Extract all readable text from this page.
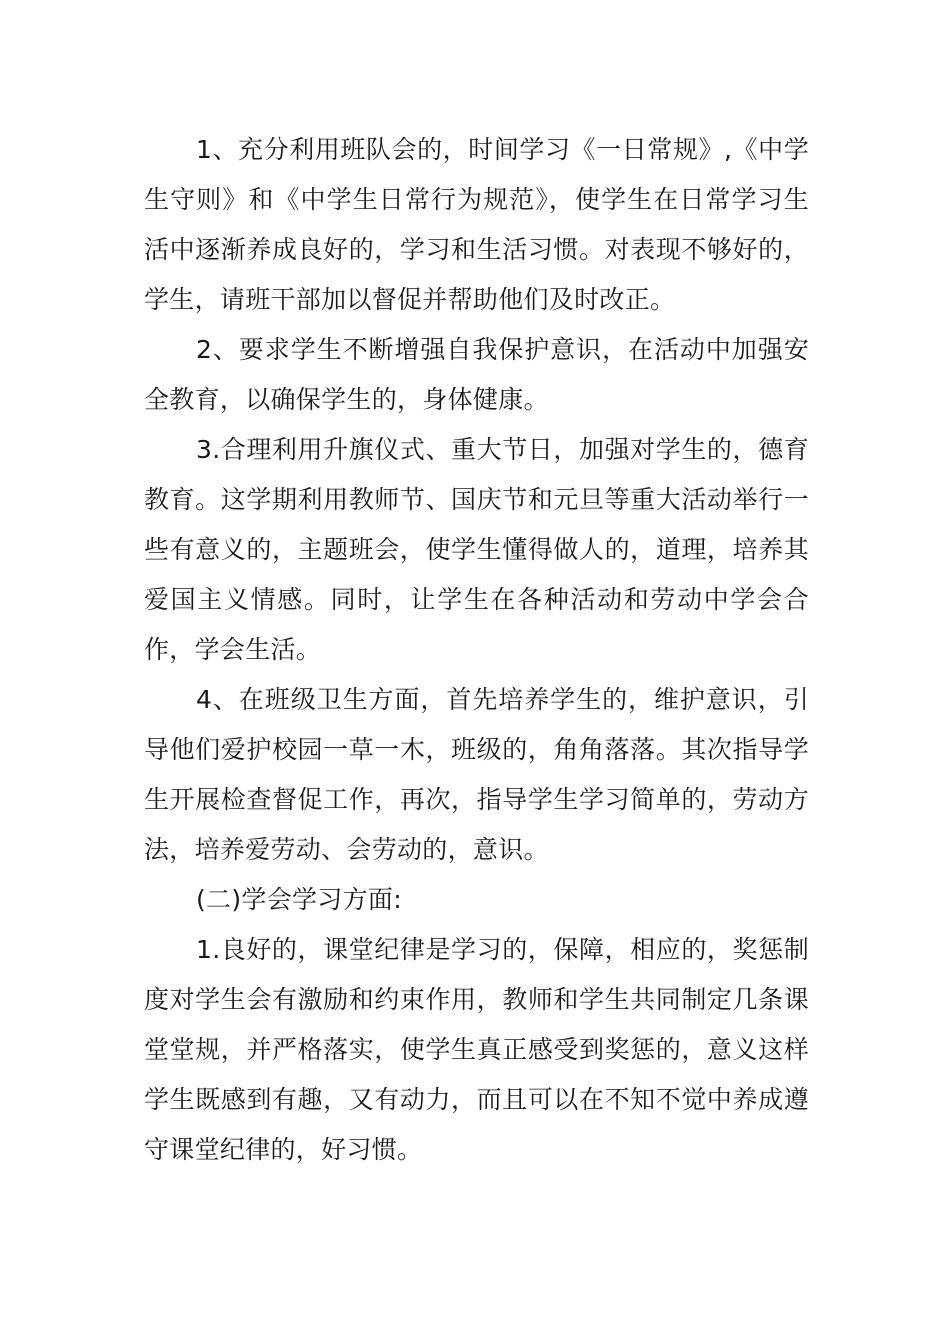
1、充分利用班队会的，时间学习《一日常规》,《中学生守则》和《中学生日常行为规范》，使学生在日常学习生活中逐渐养成良好的，学习和生活习惯。对表现不够好的，学生，请班干部加以督促并帮助他们及时改正。

2、要求学生不断增强自我保护意识，在活动中加强安全教育，以确保学生的，身体健康。

3.合理利用升旗仪式、重大节日，加强对学生的，德育教育。这学期利用教师节、国庆节和元旦等重大活动举行一些有意义的，主题班会，使学生懂得做人的，道理，培养其爱国主义情感。同时，让学生在各种活动和劳动中学会合作，学会生活。

4、在班级卫生方面，首先培养学生的，维护意识，引导他们爱护校园一草一木，班级的，角角落落。其次指导学生开展检查督促工作，再次，指导学生学习简单的，劳动方法，培养爱劳动、会劳动的，意识。

(二)学会学习方面:

1.良好的，课堂纪律是学习的，保障，相应的，奖惩制度对学生会有激励和约束作用，教师和学生共同制定几条课堂堂规，并严格落实，使学生真正感受到奖惩的，意义这样学生既感到有趣，又有动力，而且可以在不知不觉中养成遵守课堂纪律的，好习惯。
